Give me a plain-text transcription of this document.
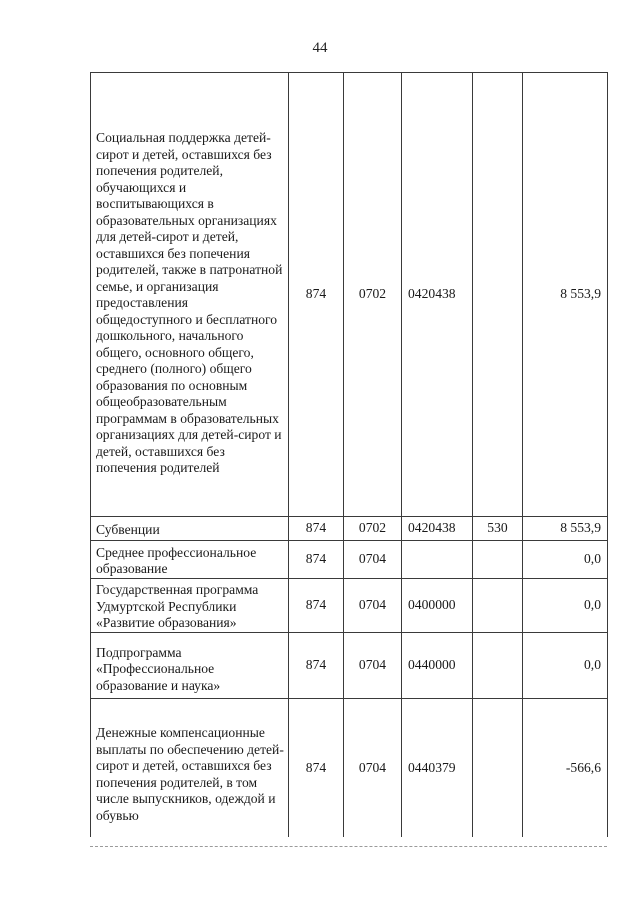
44
Социальная поддержка детей-сирот и детей, оставшихся без попечения родителей, обучающихся и воспитывающихся в образовательных организациях для детей-сирот и детей, оставшихся без попечения родителей, также в патронатной семье, и организация предоставления общедоступного и бесплатного дошкольного, начального общего, основного общего, среднего (полного) общего образования по основным общеобразовательным программам в образовательных организациях для детей-сирот и детей, оставшихся без попечения родителей	874	0702	0420438		8 553,9
Субвенции	874	0702	0420438	530	8 553,9
Среднее профессиональное образование	874	0704			0,0
Государственная программа Удмуртской Республики «Развитие образования»	874	0704	0400000		0,0
Подпрограмма «Профессиональное образование и наука»	874	0704	0440000		0,0
Денежные компенсационные выплаты по обеспечению детей-сирот и детей, оставшихся без попечения родителей, в том числе выпускников, одеждой и обувью	874	0704	0440379		-566,6
